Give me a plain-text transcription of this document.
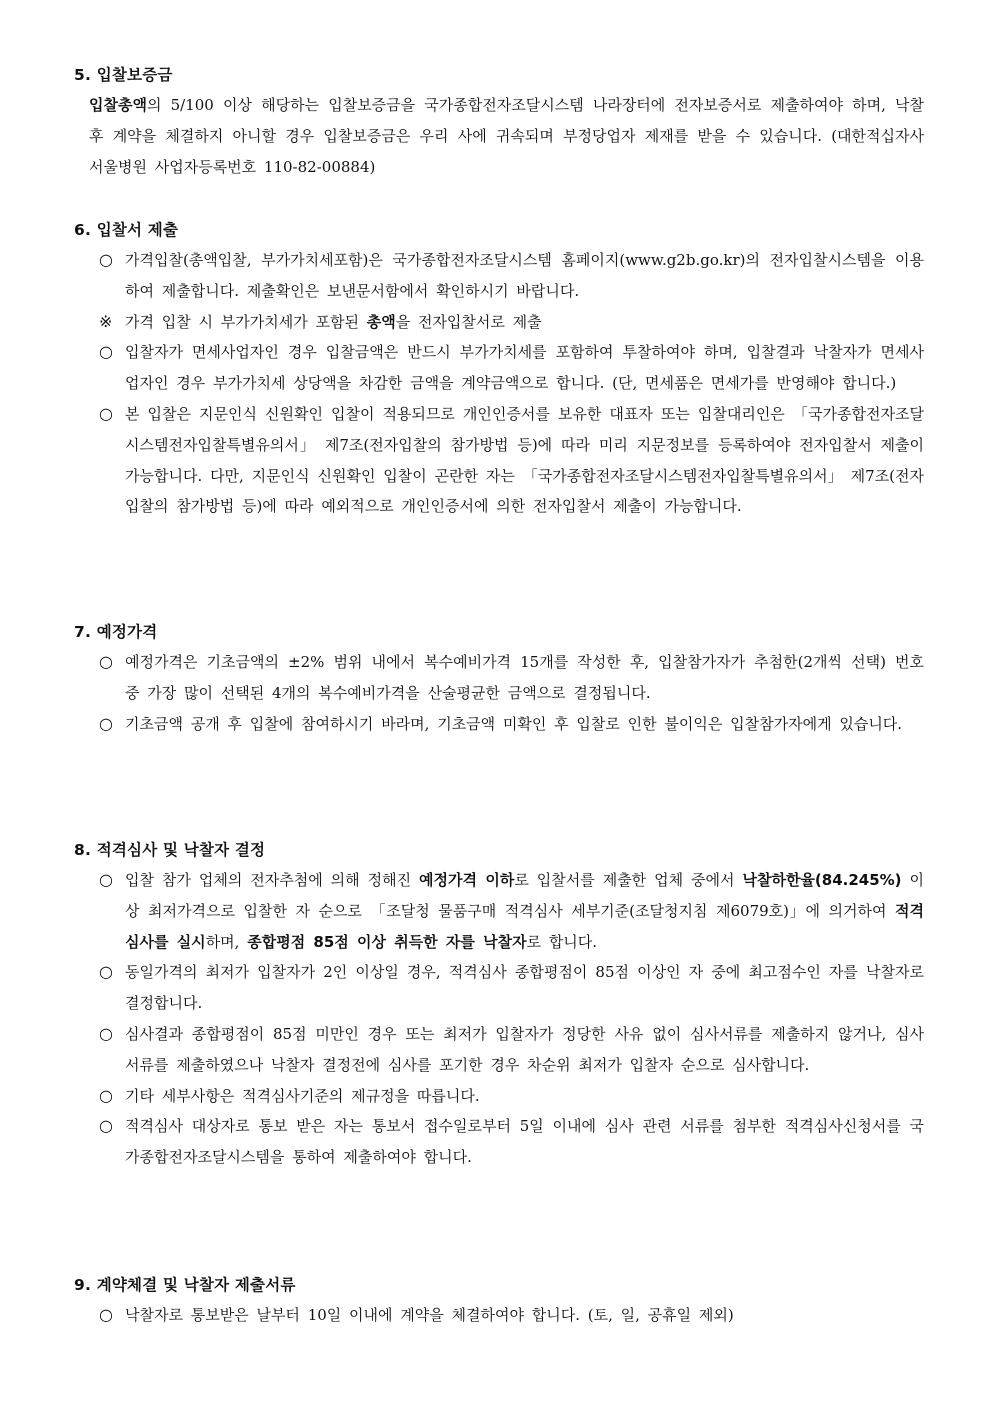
5. 입찰보증금
입찰총액의 5/100 이상 해당하는 입찰보증금을 국가종합전자조달시스템 나라장터에 전자보증서로 제출하여야 하며, 낙찰 후 계약을 체결하지 아니할 경우 입찰보증금은 우리 사에 귀속되며 부정당업자 제재를 받을 수 있습니다. (대한적십자사 서울병원 사업자등록번호 110-82-00884)
6. 입찰서 제출
○ 가격입찰(총액입찰, 부가가치세포함)은 국가종합전자조달시스템 홈페이지(www.g2b.go.kr)의 전자입찰시스템을 이용하여 제출합니다. 제출확인은 보낸문서함에서 확인하시기 바랍니다.
※ 가격 입찰 시 부가가치세가 포함된 총액을 전자입찰서로 제출
○ 입찰자가 면세사업자인 경우 입찰금액은 반드시 부가가치세를 포함하여 투찰하여야 하며, 입찰결과 낙찰자가 면세사업자인 경우 부가가치세 상당액을 차감한 금액을 계약금액으로 합니다. (단, 면세품은 면세가를 반영해야 합니다.)
○ 본 입찰은 지문인식 신원확인 입찰이 적용되므로 개인인증서를 보유한 대표자 또는 입찰대리인은 「국가종합전자조달시스템전자입찰특별유의서」 제7조(전자입찰의 참가방법 등)에 따라 미리 지문정보를 등록하여야 전자입찰서 제출이 가능합니다. 다만, 지문인식 신원확인 입찰이 곤란한 자는 「국가종합전자조달시스템전자입찰특별유의서」 제7조(전자입찰의 참가방법 등)에 따라 예외적으로 개인인증서에 의한 전자입찰서 제출이 가능합니다.
7. 예정가격
○ 예정가격은 기초금액의 ±2% 범위 내에서 복수예비가격 15개를 작성한 후, 입찰참가자가 추첨한(2개씩 선택) 번호 중 가장 많이 선택된 4개의 복수예비가격을 산술평균한 금액으로 결정됩니다.
○ 기초금액 공개 후 입찰에 참여하시기 바라며, 기초금액 미확인 후 입찰로 인한 불이익은 입찰참가자에게 있습니다.
8. 적격심사 및 낙찰자 결정
○ 입찰 참가 업체의 전자추첨에 의해 정해진 예정가격 이하로 입찰서를 제출한 업체 중에서 낙찰하한율(84.245%) 이상 최저가격으로 입찰한 자 순으로 「조달청 물품구매 적격심사 세부기준(조달청지침 제6079호)」에 의거하여 적격심사를 실시하며, 종합평점 85점 이상 취득한 자를 낙찰자로 합니다.
○ 동일가격의 최저가 입찰자가 2인 이상일 경우, 적격심사 종합평점이 85점 이상인 자 중에 최고점수인 자를 낙찰자로 결정합니다.
○ 심사결과 종합평점이 85점 미만인 경우 또는 최저가 입찰자가 정당한 사유 없이 심사서류를 제출하지 않거나, 심사서류를 제출하였으나 낙찰자 결정전에 심사를 포기한 경우 차순위 최저가 입찰자 순으로 심사합니다.
○ 기타 세부사항은 적격심사기준의 제규정을 따릅니다.
○ 적격심사 대상자로 통보 받은 자는 통보서 접수일로부터 5일 이내에 심사 관련 서류를 첨부한 적격심사신청서를 국가종합전자조달시스템을 통하여 제출하여야 합니다.
9. 계약체결 및 낙찰자 제출서류
○ 낙찰자로 통보받은 날부터 10일 이내에 계약을 체결하여야 합니다. (토, 일, 공휴일 제외)
